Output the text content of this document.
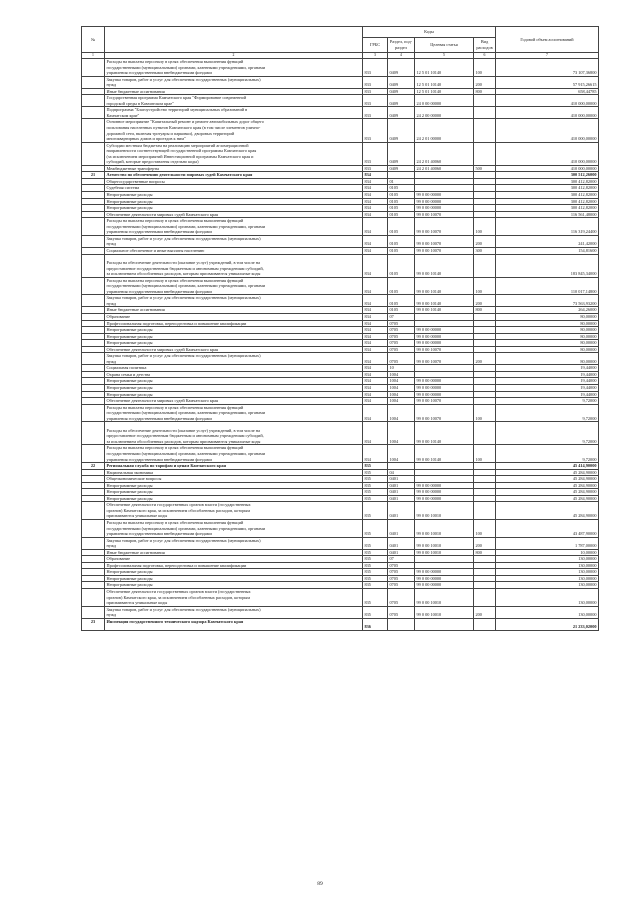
№		Коды				Годовой объем ассигнований
		ГРБС	Раздел, под-раздел	Целевая статья	Вид расходов	
1	2	3	4	5	6	7
	Расходы на выплаты персоналу в целях обеспечения выполнения функций
государственными (муниципальными) органами, казенными учреждениями, органами
управления государственными внебюджетными фондами	833	0409	12 5 01 10140	100	73 107,36800
	Закупка товаров, работ и услуг для обеспечения государственных (муниципальных)
нужд	833	0409	12 5 01 10140	200	57 915,26615
	Иные бюджетные ассигнования	833	0409	12 5 01 10140	800	658,44785
	Государственная программа Камчатского края "Формирование современной
городской среды в Камчатском крае"	833	0409	24 0 00 00000		410 000,00000
	Подпрограмма "Благоустройство территорий муниципальных образований в
Камчатском крае"	833	0409	24 2 00 00000		410 000,00000
	Основное мероприятие "Капитальный ремонт и ремонт автомобильных дорог общего
пользования населенных пунктов Камчатского края (в том числе элементов улично-
дорожной сети, включая тротуары и парковки), дворовых территорий
многоквартирных домов и проездов к ним"	833	0409	24 2 01 00000		410 000,00000
	Субсидии местным бюджетам на реализацию мероприятий агломерационной
направленности соответствующей государственной программы Камчатского края
(за исключением мероприятий Инвестиционной программы Камчатского края и
субсидий, которые предоставлены отдельно коды)	833	0409	24 2 01 40060		410 000,00000
	Межбюджетные трансферты	833	0409	24 2 01 40060	500	410 000,00000
21	Агентство по обеспечению деятельности мировых судей Камчатского края	834				300 512,26000
	Общегосударственные вопросы	834	01			300 412,82000
	Судебная система	834	0105			300 412,82000
	Непрограммные расходы	834	0105	99 0 00 00000		300 412,82000
	Непрограммные расходы	834	0105	99 0 00 00000		300 412,82000
	Непрограммные расходы	834	0105	99 0 00 00000		300 412,82000
	Обеспечение деятельности мировых судей Камчатского края	834	0105	99 0 00 10070		116 561,48000
	Расходы на выплаты персоналу в целях обеспечения выполнения функций
государственными (муниципальными) органами, казенными учреждениями, органами
управления государственными внебюджетными фондами	834	0105	99 0 00 10070	100	116 319,24400
	Закупка товаров, работ и услуг для обеспечения государственных (муниципальных)
нужд	834	0105	99 0 00 10070	200	241,42000
	Социальное обеспечение и иные выплаты населению	834	0105	99 0 00 10070	300	154,81600

Расходы на обеспечение деятельности (оказание услуг) учреждений, в том числе на
предоставление государственным бюджетным и автономным учреждениям субсидий,
за исключением обособленных расходов, которым присваиваются уникальные коды	834	0105	99 0 00 10140		183 845,34000
	Расходы на выплаты персоналу в целях обеспечения выполнения функций
государственными (муниципальными) органами, казенными учреждениями, органами
управления государственными внебюджетными фондами	834	0105	99 0 00 10140	100	110 017,14800
	Закупка товаров, работ и услуг для обеспечения государственных (муниципальных)
нужд	834	0105	99 0 00 10140	200	73 563,93200
	Иные бюджетные ассигнования	834	0105	99 0 00 10140	800	264,26000
	Образование	834	07			80,00000
	Профессиональная подготовка, переподготовка и повышение квалификации	834	0705			80,00000
	Непрограммные расходы	834	0705	99 0 00 00000		80,00000
	Непрограммные расходы	834	0705	99 0 00 00000		80,00000
	Непрограммные расходы	834	0705	99 0 00 00000		80,00000
	Обеспечение деятельности мировых судей Камчатского края	834	0705	99 0 00 10070		80,00000
	Закупка товаров, работ и услуг для обеспечения государственных (муниципальных)
нужд	834	0705	99 0 00 10070	200	80,00000
	Социальная политика	834	10			19,44000
	Охрана семьи и детства	834	1004			19,44000
	Непрограммные расходы	834	1004	99 0 00 00000		19,44000
	Непрограммные расходы	834	1004	99 0 00 00000		19,44000
	Непрограммные расходы	834	1004	99 0 00 00000		19,44000
	Обеспечение деятельности мировых судей Камчатского края	834	1004	99 0 00 10070		9,72000
	Расходы на выплаты персоналу в целях обеспечения выполнения функций
государственными (муниципальными) органами, казенными учреждениями, органами
управления государственными внебюджетными фондами	834	1004	99 0 00 10070	100	9,72000

Расходы на обеспечение деятельности (оказание услуг) учреждений, в том числе на
предоставление государственным бюджетным и автономным учреждениям субсидий,
за исключением обособленных расходов, которым присваиваются уникальные коды	834	1004	99 0 00 10140		9,72000
	Расходы на выплаты персоналу в целях обеспечения выполнения функций
государственными (муниципальными) органами, казенными учреждениями, органами
управления государственными внебюджетными фондами	834	1004	99 0 00 10140	100	9,72000
22	Региональная служба по тарифам и ценам Камчатского края	835				45 414,90000
	Национальная экономика	835	04			45 284,90000
	Общеэкономические вопросы	835	0401			45 284,90000
	Непрограммные расходы	835	0401	99 0 00 00000		45 284,90000
	Непрограммные расходы	835	0401	99 0 00 00000		45 284,90000
	Непрограммные расходы	835	0401	99 0 00 00000		45 284,90000
	Обеспечение деятельности государственных органов власти (государственных
органов) Камчатского края, за исключением обособленных расходов, которым
присваиваются уникальные коды	835	0401	99 0 00 10010		45 284,90000
	Расходы на выплаты персоналу в целях обеспечения выполнения функций
государственными (муниципальными) органами, казенными учреждениями, органами
управления государственными внебюджетными фондами	835	0401	99 0 00 10010	100	43 487,90000
	Закупка товаров, работ и услуг для обеспечения государственных (муниципальных)
нужд	835	0401	99 0 00 10010	200	1 787,00000
	Иные бюджетные ассигнования	835	0401	99 0 00 10010	800	10,00000
	Образование	835	07			130,00000
	Профессиональная подготовка, переподготовка и повышение квалификации	835	0705			130,00000
	Непрограммные расходы	835	0705	99 0 00 00000		130,00000
	Непрограммные расходы	835	0705	99 0 00 00000		130,00000
	Непрограммные расходы	835	0705	99 0 00 00000		130,00000
	Обеспечение деятельности государственных органов власти (государственных
органов) Камчатского края, за исключением обособленных расходов, которым
присваиваются уникальные коды	835	0705	99 0 00 10010		130,00000
	Закупка товаров, работ и услуг для обеспечения государственных (муниципальных)
нужд	835	0705	99 0 00 10010	200	130,00000
23	Инспекция государственного технического надзора Камчатского края	836				21 233,02000
89
